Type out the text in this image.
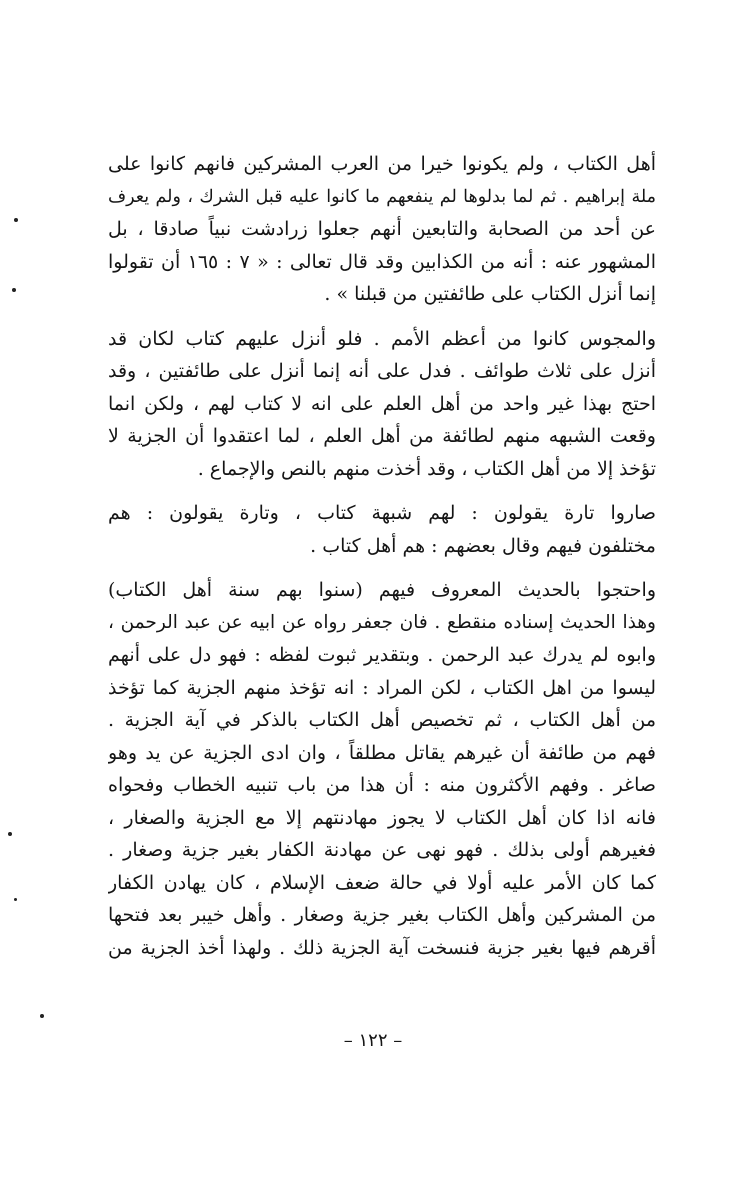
أهل الكتاب ، ولم يكونوا خيرا من العرب المشركين فانهم كانوا على
ملة إبراهيم . ثم لما بدلوها لم ينفعهم ما كانوا عليه قبل الشرك ، ولم يعرف
عن أحد من الصحابة والتابعين أنهم جعلوا زرادشت نبياً صادقا ، بل
المشهور عنه : أنه من الكذابين وقد قال تعالى : « ٧ : ١٦٥ أن تقولوا
إنما أنزل الكتاب على طائفتين من قبلنا » .
والمجوس كانوا من أعظم الأمم . فلو أنزل عليهم كتاب لكان قد
أنزل على ثلاث طوائف . فدل على أنه إنما أنزل على طائفتين ، وقد
احتج بهذا غير واحد من أهل العلم على انه لا كتاب لهم ، ولكن انما
وقعت الشبهه منهم لطائفة من أهل العلم ، لما اعتقدوا أن الجزية لا
تؤخذ إلا من أهل الكتاب ، وقد أخذت منهم بالنص والإجماع .
صاروا تارة يقولون : لهم شبهة كتاب ، وتارة يقولون : هم
مختلفون فيهم وقال بعضهم : هم أهل كتاب .
واحتجوا بالحديث المعروف فيهم (سنوا بهم سنة أهل الكتاب)
وهذا الحديث إسناده منقطع . فان جعفر رواه عن ابيه عن عبد الرحمن ،
وابوه لم يدرك عبد الرحمن . وبتقدير ثبوت لفظه : فهو دل على أنهم
ليسوا من اهل الكتاب ، لكن المراد : انه تؤخذ منهم الجزية كما تؤخذ
من أهل الكتاب ، ثم تخصيص أهل الكتاب بالذكر في آية الجزية .
فهم من طائفة أن غيرهم يقاتل مطلقاً ، وان ادى الجزية عن يد وهو
صاغر . وفهم الأكثرون منه : أن هذا من باب تنبيه الخطاب وفحواه
فانه اذا كان أهل الكتاب لا يجوز مهادنتهم إلا مع الجزية والصغار ،
فغيرهم أولى بذلك . فهو نهى عن مهادنة الكفار بغير جزية وصغار .
كما كان الأمر عليه أولا في حالة ضعف الإسلام ، كان يهادن الكفار
من المشركين وأهل الكتاب بغير جزية وصغار . وأهل خيبر بعد فتحها
أقرهم فيها بغير جزية فنسخت آية الجزية ذلك . ولهذا أخذ الجزية من
– ١٢٢ –
